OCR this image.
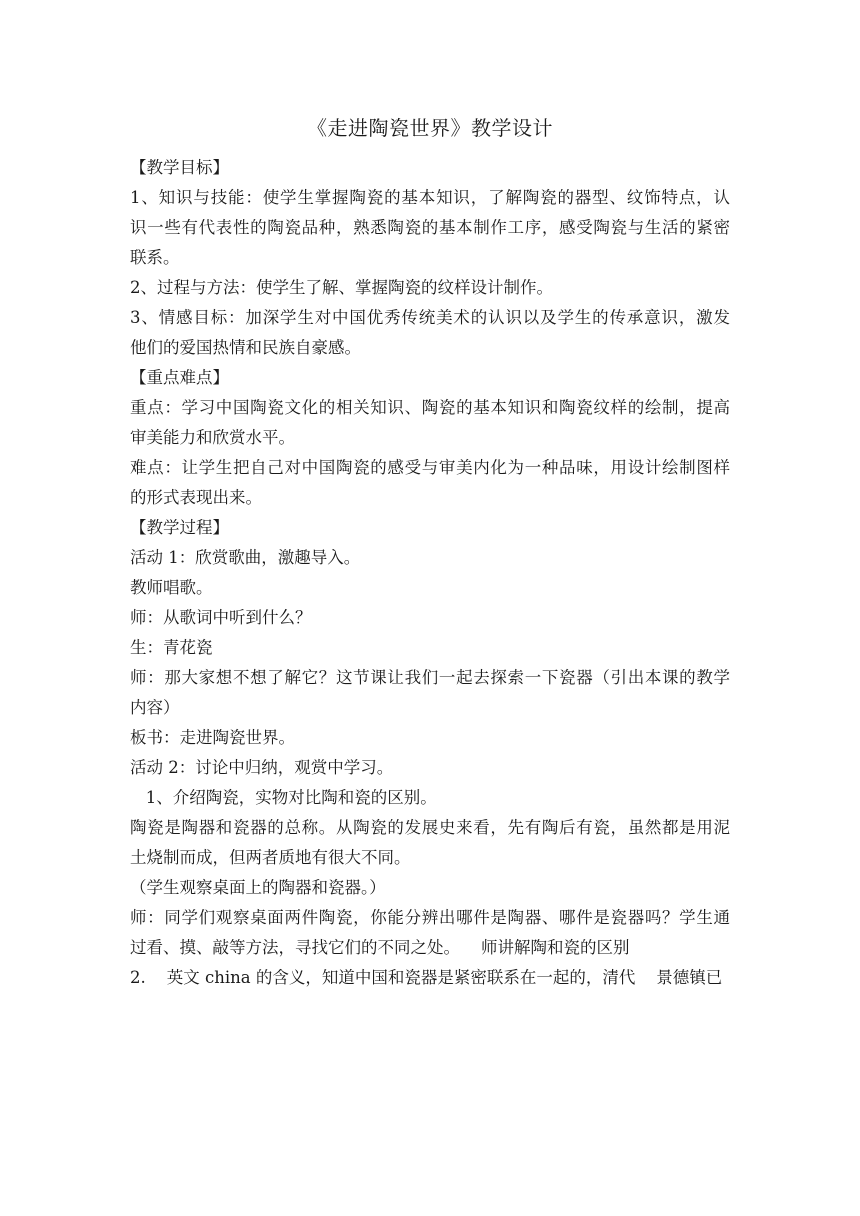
《走进陶瓷世界》教学设计
【教学目标】
1、知识与技能：使学生掌握陶瓷的基本知识，了解陶瓷的器型、纹饰特点，认
识一些有代表性的陶瓷品种，熟悉陶瓷的基本制作工序，感受陶瓷与生活的紧密
联系。
2、过程与方法：使学生了解、掌握陶瓷的纹样设计制作。
3、情感目标：加深学生对中国优秀传统美术的认识以及学生的传承意识，激发
他们的爱国热情和民族自豪感。
【重点难点】
重点：学习中国陶瓷文化的相关知识、陶瓷的基本知识和陶瓷纹样的绘制，提高
审美能力和欣赏水平。
难点：让学生把自己对中国陶瓷的感受与审美内化为一种品味，用设计绘制图样
的形式表现出来。
【教学过程】
活动 1：欣赏歌曲，激趣导入。
教师唱歌。
师：从歌词中听到什么？
生：青花瓷
师：那大家想不想了解它？这节课让我们一起去探索一下瓷器（引出本课的教学
内容）
板书：走进陶瓷世界。
活动 2：讨论中归纳，观赏中学习。
1、介绍陶瓷，实物对比陶和瓷的区别。
陶瓷是陶器和瓷器的总称。从陶瓷的发展史来看，先有陶后有瓷，虽然都是用泥
土烧制而成，但两者质地有很大不同。
（学生观察桌面上的陶器和瓷器。）
师：同学们观察桌面两件陶瓷，你能分辨出哪件是陶器、哪件是瓷器吗？学生通
过看、摸、敲等方法，寻找它们的不同之处。    师讲解陶和瓷的区别
2.    英文 china 的含义，知道中国和瓷器是紧密联系在一起的，清代    景德镇已
